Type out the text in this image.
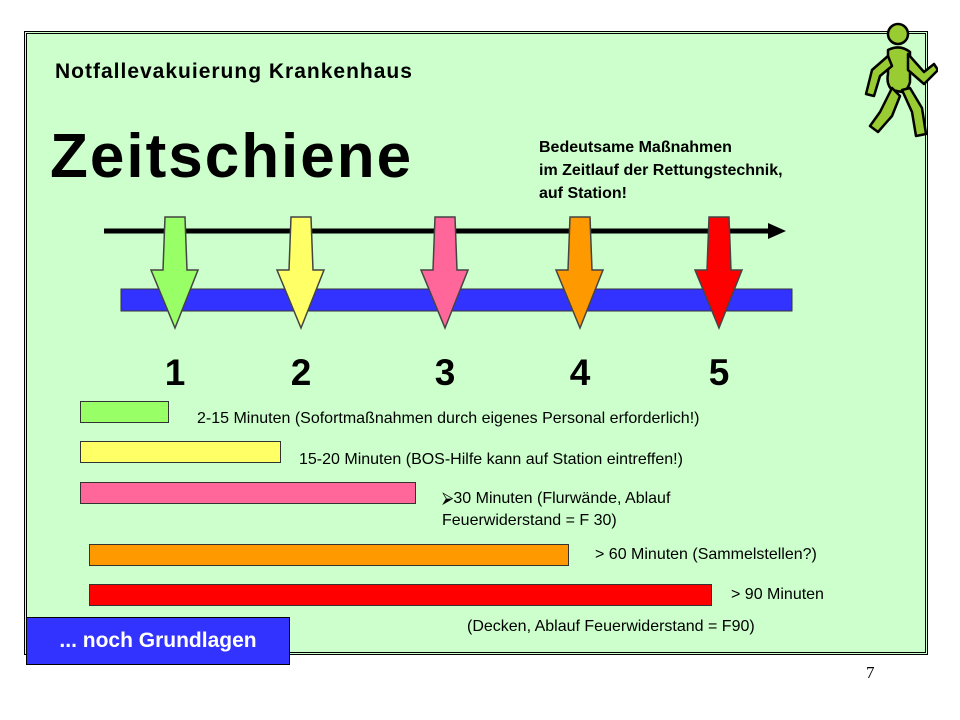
Notfallevakuierung Krankenhaus
Zeitschiene	Bedeutsame Maßnahmen
im Zeitlauf der Rettungstechnik,
auf Station!
1	2	3	4	5
2-15 Minuten (Sofortmaßnahmen durch eigenes Personal erforderlich!)
15-20 Minuten (BOS-Hilfe kann auf Station eintreffen!)
⮚30 Minuten (Flurwände, Ablauf
Feuerwiderstand = F 30)
> 60 Minuten (Sammelstellen?)
> 90 Minuten
(Decken, Ablauf Feuerwiderstand = F90)
... noch Grundlagen
7
